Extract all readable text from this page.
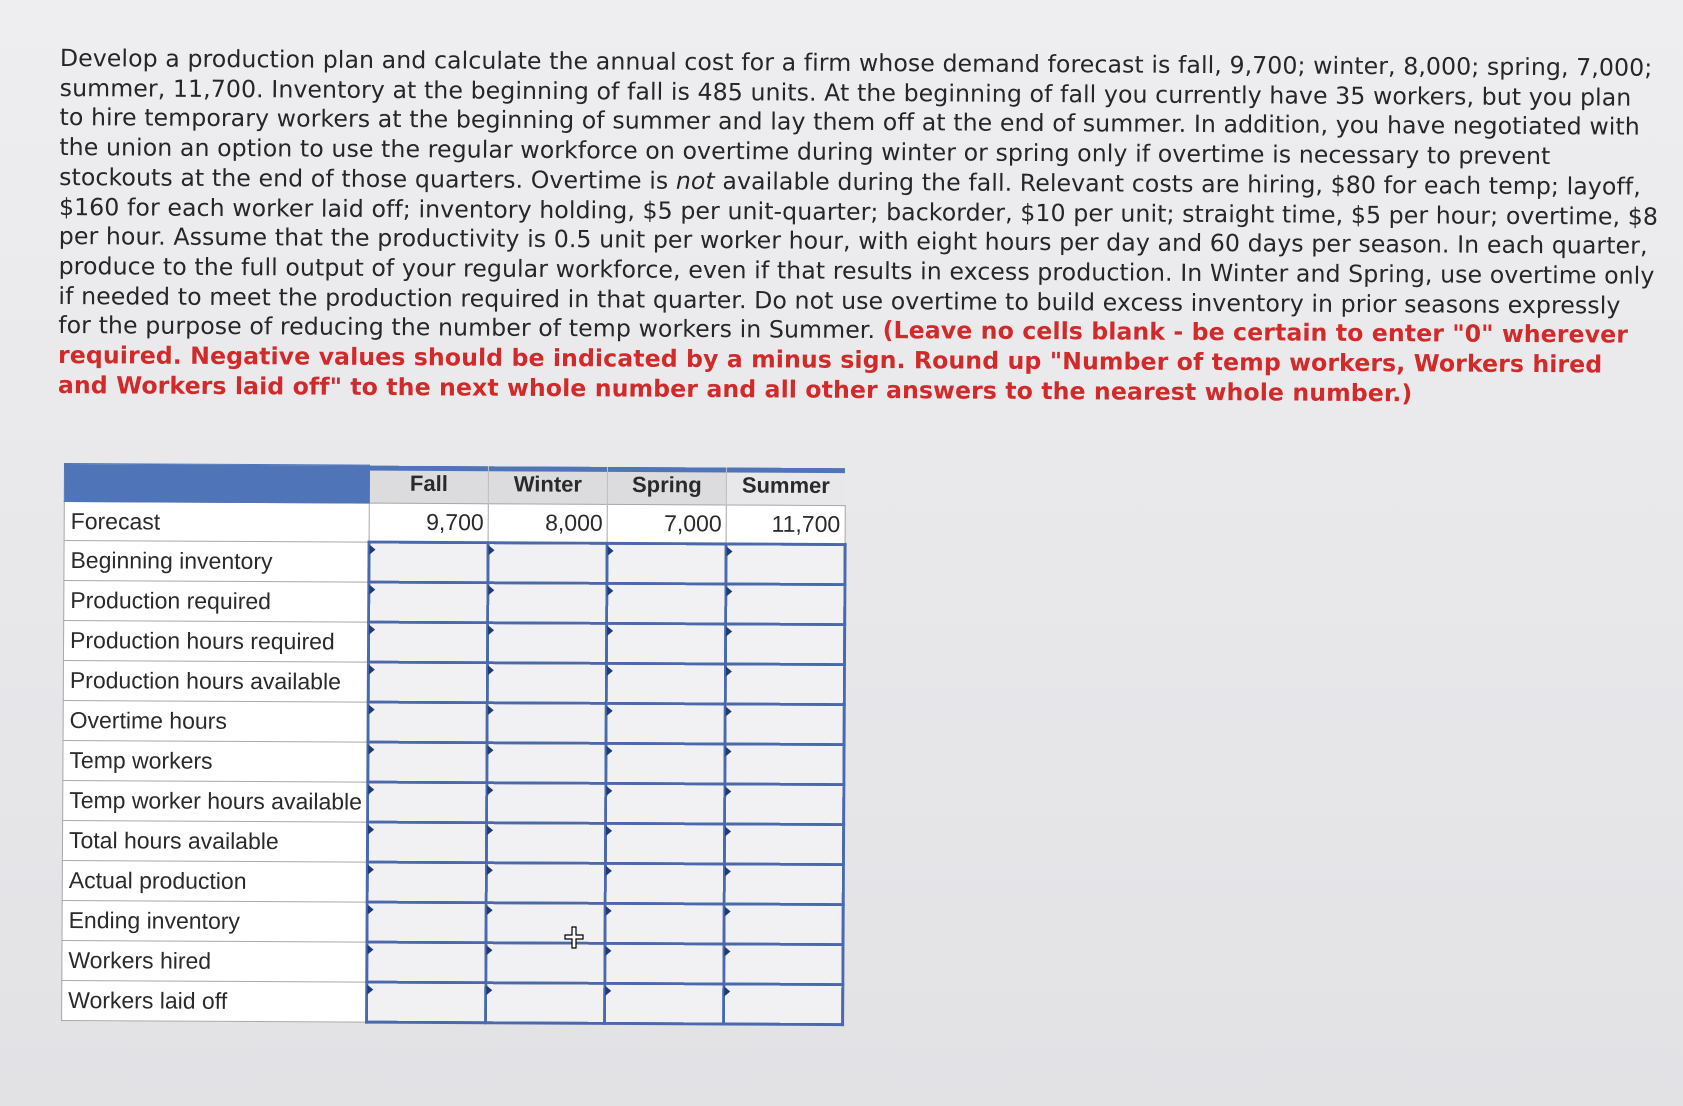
Develop a production plan and calculate the annual cost for a firm whose demand forecast is fall, 9,700; winter, 8,000; spring, 7,000; summer, 11,700. Inventory at the beginning of fall is 485 units. At the beginning of fall you currently have 35 workers, but you plan to hire temporary workers at the beginning of summer and lay them off at the end of summer. In addition, you have negotiated with the union an option to use the regular workforce on overtime during winter or spring only if overtime is necessary to prevent stockouts at the end of those quarters. Overtime is not available during the fall. Relevant costs are hiring, $80 for each temp; layoff, $160 for each worker laid off; inventory holding, $5 per unit-quarter; backorder, $10 per unit; straight time, $5 per hour; overtime, $8 per hour. Assume that the productivity is 0.5 unit per worker hour, with eight hours per day and 60 days per season. In each quarter, produce to the full output of your regular workforce, even if that results in excess production. In Winter and Spring, use overtime only if needed to meet the production required in that quarter. Do not use overtime to build excess inventory in prior seasons expressly for the purpose of reducing the number of temp workers in Summer. (Leave no cells blank - be certain to enter "0" wherever required. Negative values should be indicated by a minus sign. Round up "Number of temp workers, Workers hired and Workers laid off" to the next whole number and all other answers to the nearest whole number.)
	Fall	Winter	Spring	Summer
Forecast	9,700	8,000	7,000	11,700
Beginning inventory				
Production required				
Production hours required				
Production hours available				
Overtime hours				
Temp workers				
Temp worker hours available				
Total hours available				
Actual production				
Ending inventory				
Workers hired				
Workers laid off				
